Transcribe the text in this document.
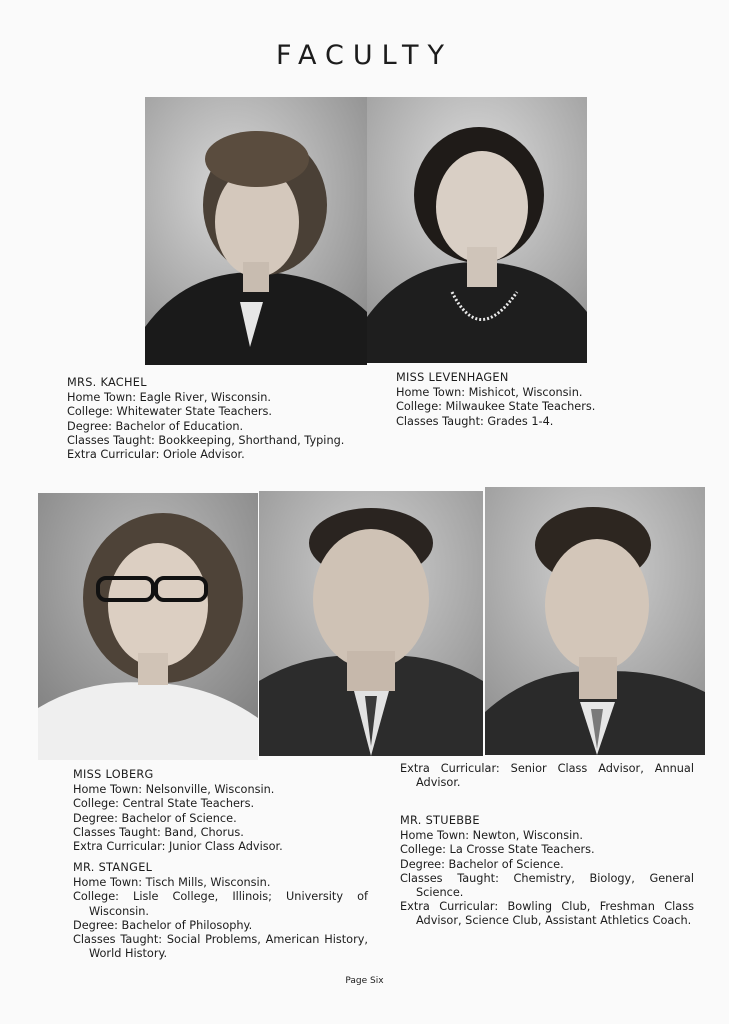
FACULTY
MRS. KACHEL
Home Town: Eagle River, Wisconsin.
College: Whitewater State Teachers.
Degree: Bachelor of Education.
Classes Taught: Bookkeeping, Shorthand, Typing.
Extra Curricular: Oriole Advisor.
MISS LEVENHAGEN
Home Town: Mishicot, Wisconsin.
College: Milwaukee State Teachers.
Classes Taught: Grades 1-4.
MISS LOBERG
Home Town: Nelsonville, Wisconsin.
College: Central State Teachers.
Degree: Bachelor of Science.
Classes Taught: Band, Chorus.
Extra Curricular: Junior Class Advisor.
MR. STANGEL
Home Town: Tisch Mills, Wisconsin.
College: Lisle College, Illinois; University of Wisconsin.
Degree: Bachelor of Philosophy.
Classes Taught: Social Problems, American History, World History.
Extra Curricular: Senior Class Advisor, Annual Advisor.
MR. STUEBBE
Home Town: Newton, Wisconsin.
College: La Crosse State Teachers.
Degree: Bachelor of Science.
Classes Taught: Chemistry, Biology, General Science.
Extra Curricular: Bowling Club, Freshman Class Advisor, Science Club, Assistant Athletics Coach.
Page Six
